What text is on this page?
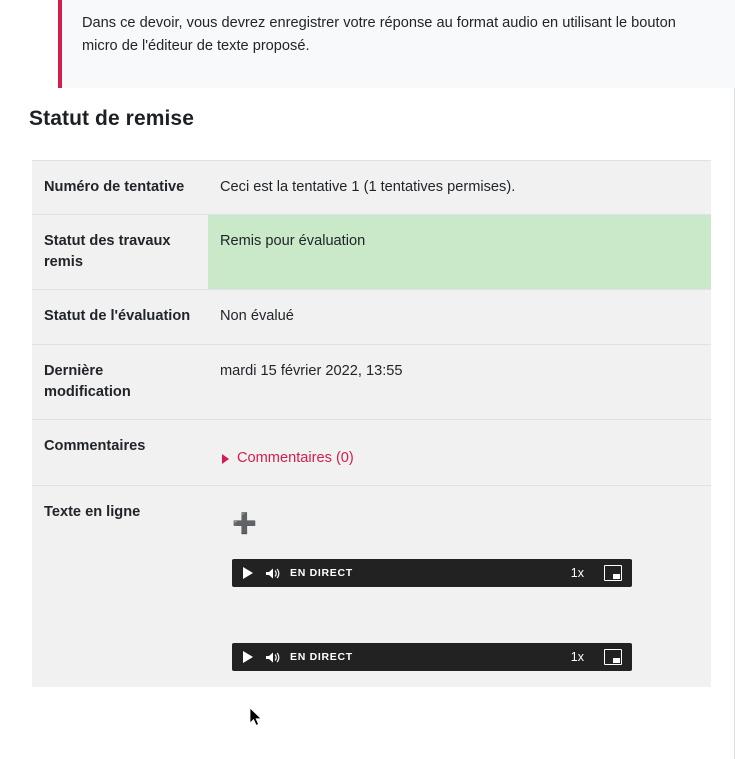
Dans ce devoir, vous devrez enregistrer votre réponse au format audio en utilisant le bouton micro de l'éditeur de texte proposé.
Statut de remise
Numéro de tentative	Ceci est la tentative 1 (1 tentatives permises).
Statut des travaux remis	Remis pour évaluation
Statut de l'évaluation	Non évalué
Dernière modification	mardi 15 février 2022, 13:55
Commentaires	Commentaires (0)

Texte en ligne	➕
EN DIRECT 1x
EN DIRECT 1x
